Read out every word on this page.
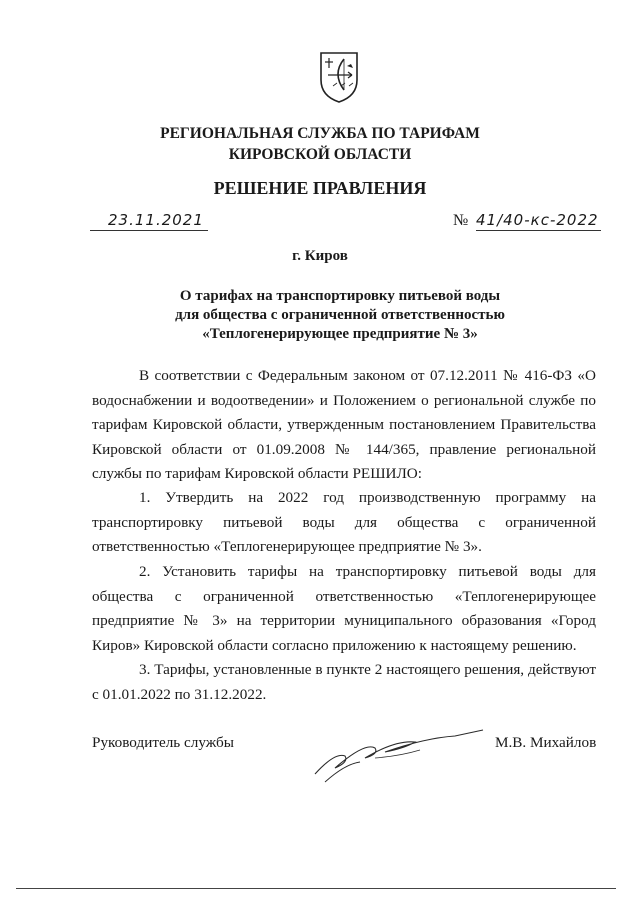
РЕГИОНАЛЬНАЯ СЛУЖБА ПО ТАРИФАМ
КИРОВСКОЙ ОБЛАСТИ
РЕШЕНИЕ ПРАВЛЕНИЯ
23.11.2021	№ 41/40-кс-2022
г. Киров
О тарифах на транспортировку питьевой воды
для общества с ограниченной ответственностью
«Теплогенерирующее предприятие № 3»
В соответствии с Федеральным законом от 07.12.2011 № 416-ФЗ «О водоснабжении и водоотведении» и Положением о региональной службе по тарифам Кировской области, утвержденным постановлением Правительства Кировской области от 01.09.2008 № 144/365, правление региональной службы по тарифам Кировской области РЕШИЛО:
1. Утвердить на 2022 год производственную программу на транспортировку питьевой воды для общества с ограниченной ответственностью «Теплогенерирующее предприятие № 3».
2. Установить тарифы на транспортировку питьевой воды для общества с ограниченной ответственностью «Теплогенерирующее предприятие № 3» на территории муниципального образования «Город Киров» Кировской области согласно приложению к настоящему решению.
3. Тарифы, установленные в пункте 2 настоящего решения, действуют с 01.01.2022 по 31.12.2022.
Руководитель службы	М.В. Михайлов
